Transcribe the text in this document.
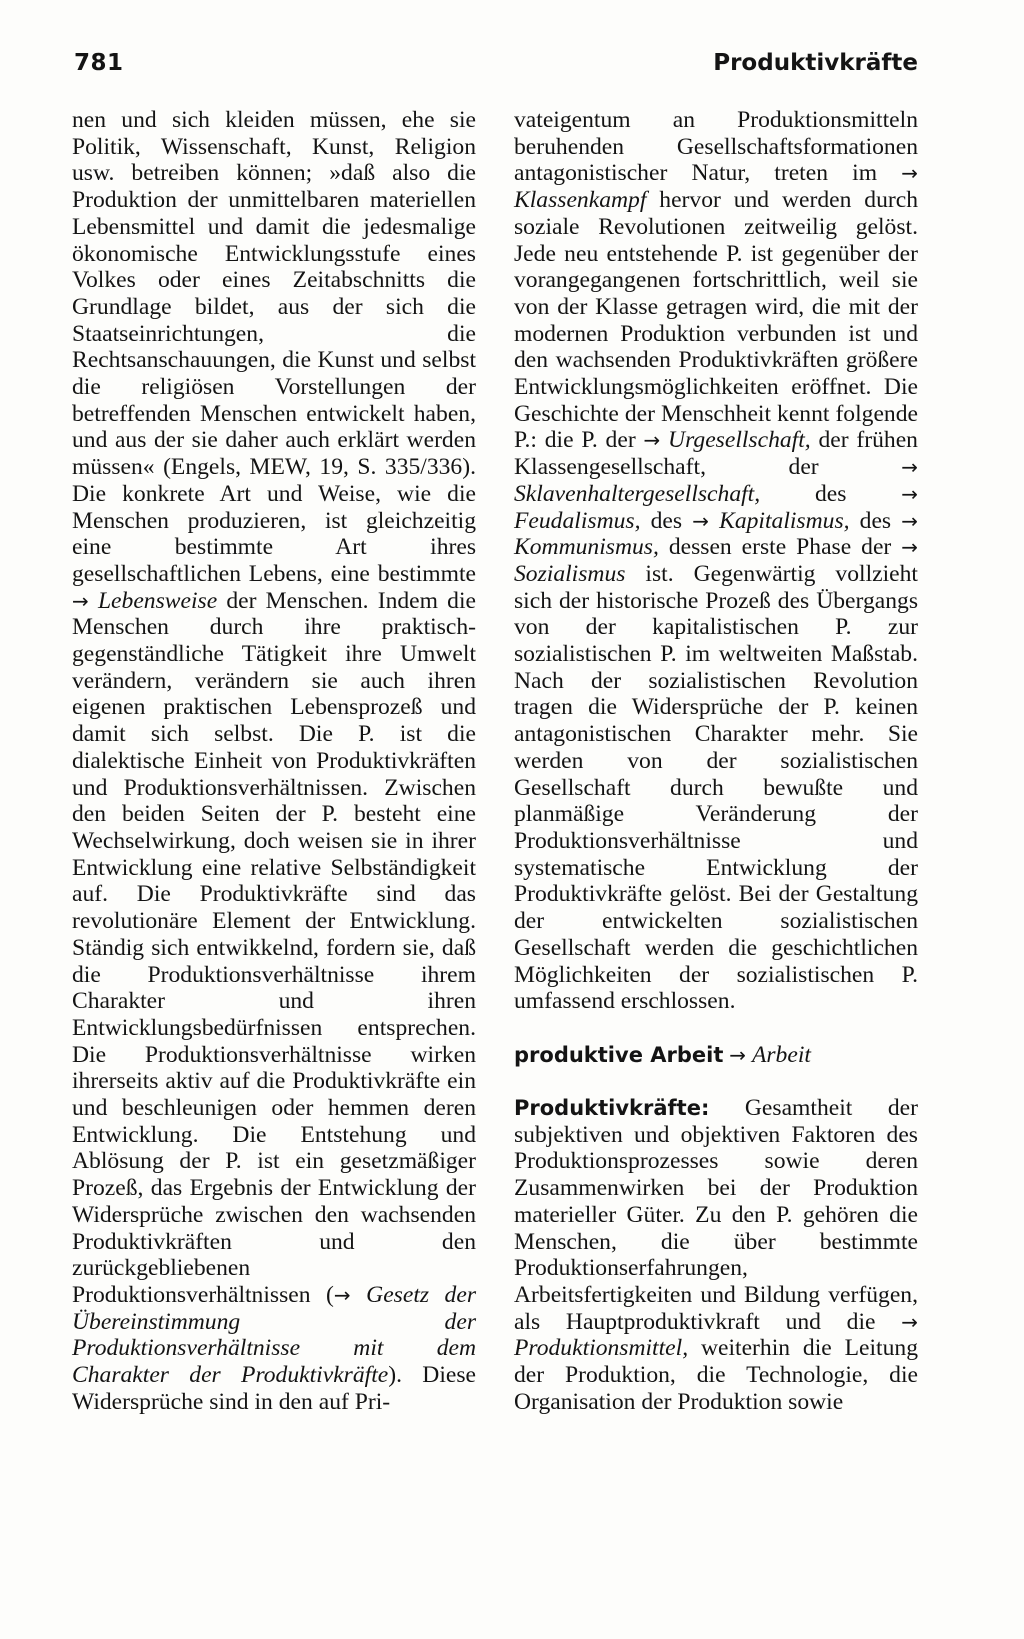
781	Produktivkräfte

nen und sich kleiden müssen, ehe sie Politik, Wissenschaft, Kunst, Religion usw. betreiben können; »daß also die Produktion der unmittelbaren materiellen Lebensmittel und damit die jedesmalige ökonomische Entwicklungsstufe eines Volkes oder eines Zeitabschnitts die Grundlage bildet, aus der sich die Staatseinrichtungen, die Rechtsanschauungen, die Kunst und selbst die religiösen Vorstellungen der betreffenden Menschen entwickelt haben, und aus der sie daher auch erklärt werden müssen« (Engels, MEW, 19, S. 335/336). Die konkrete Art und Weise, wie die Menschen produzieren, ist gleichzeitig eine bestimmte Art ihres gesellschaftlichen Lebens, eine bestimmte → Lebensweise der Menschen. Indem die Menschen durch ihre praktisch-gegenständliche Tätigkeit ihre Umwelt verändern, verändern sie auch ihren eigenen praktischen Lebensprozeß und damit sich selbst. Die P. ist die dialektische Einheit von Produktivkräften und Produktionsverhältnissen. Zwischen den beiden Seiten der P. besteht eine Wechselwirkung, doch weisen sie in ihrer Entwicklung eine relative Selbständigkeit auf. Die Produktivkräfte sind das revolutionäre Element der Entwicklung. Ständig sich entwikkelnd, fordern sie, daß die Produktionsverhältnisse ihrem Charakter und ihren Entwicklungsbedürfnissen entsprechen. Die Produktionsverhältnisse wirken ihrerseits aktiv auf die Produktivkräfte ein und beschleunigen oder hemmen deren Entwicklung. Die Entstehung und Ablösung der P. ist ein gesetzmäßiger Prozeß, das Ergebnis der Entwicklung der Widersprüche zwischen den wachsenden Produktivkräften und den zurückgebliebenen Produktionsverhältnissen (→ Gesetz der Übereinstimmung der Produktionsverhältnisse mit dem Charakter der Produktivkräfte). Diese Widersprüche sind in den auf Pri-

vateigentum an Produktionsmitteln beruhenden Gesellschaftsformationen antagonistischer Natur, treten im → Klassenkampf hervor und werden durch soziale Revolutionen zeitweilig gelöst. Jede neu entstehende P. ist gegenüber der vorangegangenen fortschrittlich, weil sie von der Klasse getragen wird, die mit der modernen Produktion verbunden ist und den wachsenden Produktivkräften größere Entwicklungsmöglichkeiten eröffnet. Die Geschichte der Menschheit kennt folgende P.: die P. der → Urgesellschaft, der frühen Klassengesellschaft, der	→ Sklavenhaltergesellschaft, des	→ Feudalismus, des → Kapitalismus, des → Kommunismus, dessen erste Phase der → Sozialismus ist. Gegenwärtig vollzieht sich der historische Prozeß des Übergangs von der kapitalistischen P. zur sozialistischen P. im weltweiten Maßstab. Nach der sozialistischen Revolution tragen die Widersprüche der P. keinen antagonistischen Charakter mehr. Sie werden von der sozialistischen Gesellschaft durch bewußte und planmäßige Veränderung der Produktionsverhältnisse und systematische Entwicklung der Produktivkräfte gelöst. Bei der Gestaltung der entwickelten sozialistischen Gesellschaft werden die geschichtlichen Möglichkeiten der sozialistischen P. umfassend erschlossen.

produktive Arbeit → Arbeit

Produktivkräfte: Gesamtheit der subjektiven und objektiven Faktoren des Produktionsprozesses sowie deren Zusammenwirken bei der Produktion materieller Güter. Zu den P. gehören die Menschen, die über bestimmte Produktionserfahrungen, Arbeitsfertigkeiten und Bildung verfügen, als Hauptproduktivkraft und die → Produktionsmittel, weiterhin die Leitung der Produktion, die Technologie, die Organisation der Produktion sowie
